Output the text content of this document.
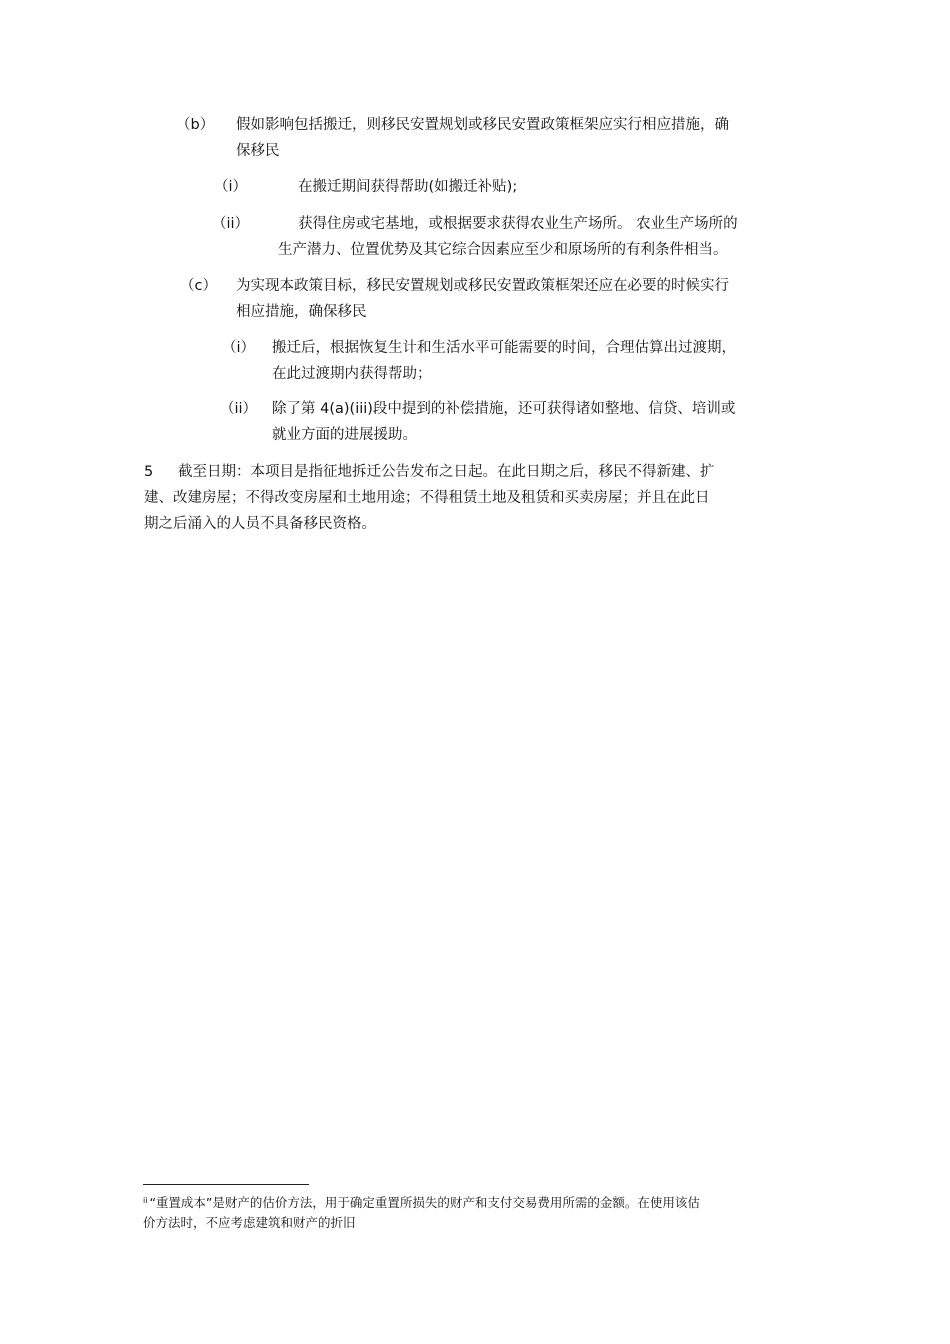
（b） 假如影响包括搬迁，则移民安置规划或移民安置政策框架应实行相应措施，确
保移民
（i）	在搬迁期间获得帮助(如搬迁补贴);
（ii）	获得住房或宅基地，或根据要求获得农业生产场所。 农业生产场所的
生产潜力、位置优势及其它综合因素应至少和原场所的有利条件相当。
（c） 为实现本政策目标，移民安置规划或移民安置政策框架还应在必要的时候实行
相应措施，确保移民
（i） 搬迁后，根据恢复生计和生活水平可能需要的时间，合理估算出过渡期，
在此过渡期内获得帮助；
（ii） 除了第 4(a)(iii)段中提到的补偿措施，还可获得诸如整地、信贷、培训或
就业方面的进展援助。
5 截至日期：本项目是指征地拆迁公告发布之日起。在此日期之后，移民不得新建、扩
建、改建房屋；不得改变房屋和土地用途；不得租赁土地及租赁和买卖房屋；并且在此日
期之后涌入的人员不具备移民资格。
$^{ii}$ “重置成本”是财产的估价方法，用于确定重置所损失的财产和支付交易费用所需的金额。在使用该估
价方法时，不应考虑建筑和财产的折旧
